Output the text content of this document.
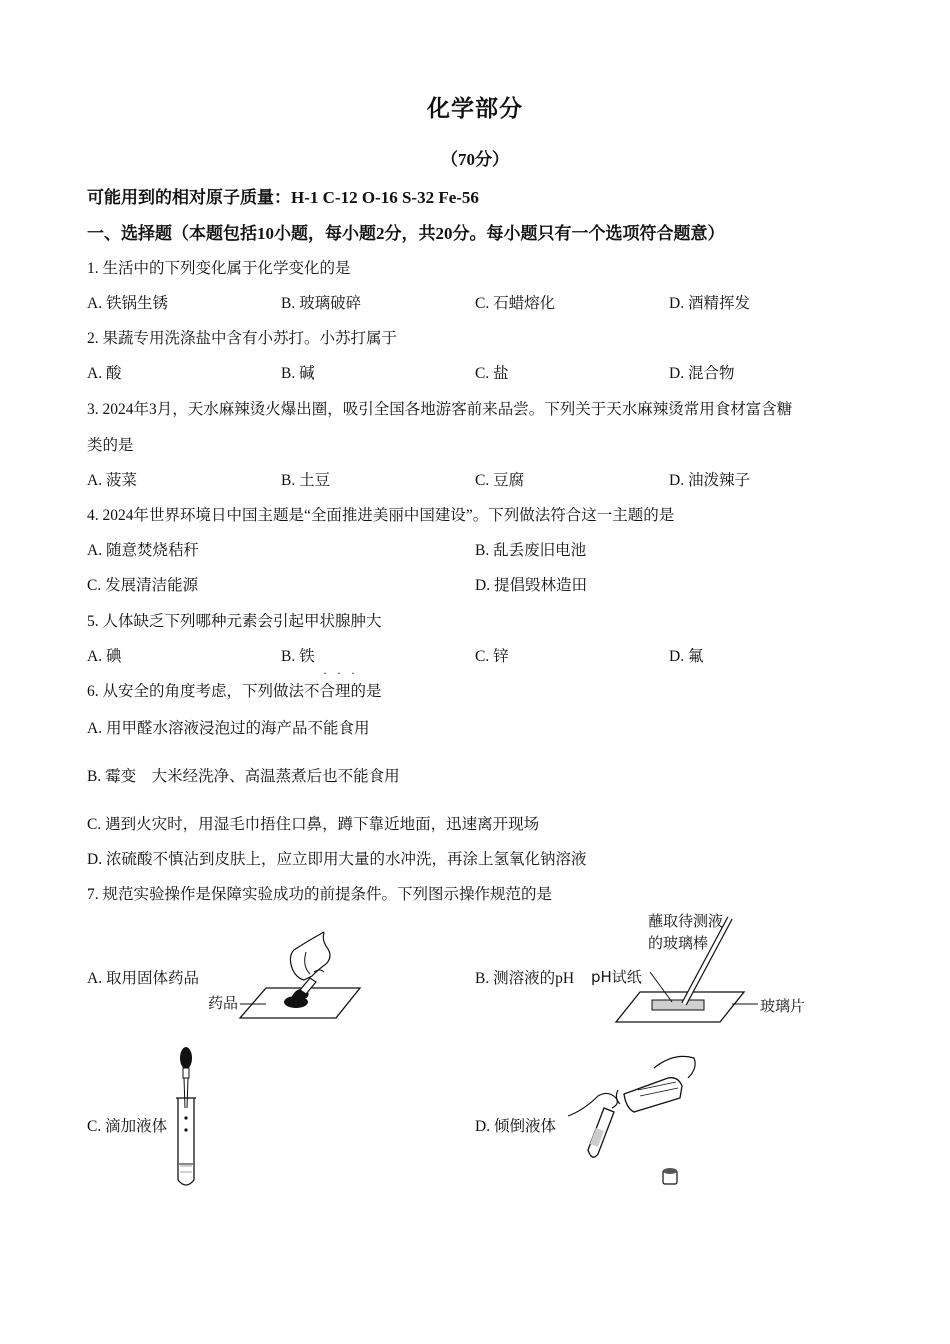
化学部分
（70分）
可能用到的相对原子质量：H-1 C-12 O-16 S-32 Fe-56
一、选择题（本题包括10小题，每小题2分，共20分。每小题只有一个选项符合题意）
1. 生活中的下列变化属于化学变化的是
A. 铁锅生锈	B. 玻璃破碎	C. 石蜡熔化	D. 酒精挥发
2. 果蔬专用洗涤盐中含有小苏打。小苏打属于
A. 酸	B. 碱	C. 盐	D. 混合物
3. 2024年3月，天水麻辣烫火爆出圈，吸引全国各地游客前来品尝。下列关于天水麻辣烫常用食材富含糖
类的是
A. 菠菜	B. 土豆	C. 豆腐	D. 油泼辣子
4. 2024年世界环境日中国主题是“全面推进美丽中国建设”。下列做法符合这一主题的是
A. 随意焚烧秸秆	B. 乱丢废旧电池
C. 发展清洁能源	D. 提倡毁林造田
5. 人体缺乏下列哪种元素会引起甲状腺肿大
A. 碘	B. 铁	C. 锌	D. 氟
···
6. 从安全的角度考虑，下列做法不合理的是
A. 用甲醛水溶液浸泡过的海产品不能食用
B. 霉变　大米经洗净、高温蒸煮后也不能食用
C. 遇到火灾时，用湿毛巾捂住口鼻，蹲下靠近地面，迅速离开现场
D. 浓硫酸不慎沾到皮肤上，应立即用大量的水冲洗，再涂上氢氧化钠溶液
7. 规范实验操作是保障实验成功的前提条件。下列图示操作规范的是
A. 取用固体药品
药品
B. 测溶液的pH pH试纸
蘸取待测液
的玻璃棒
玻璃片
C. 滴加液体	D. 倾倒液体
